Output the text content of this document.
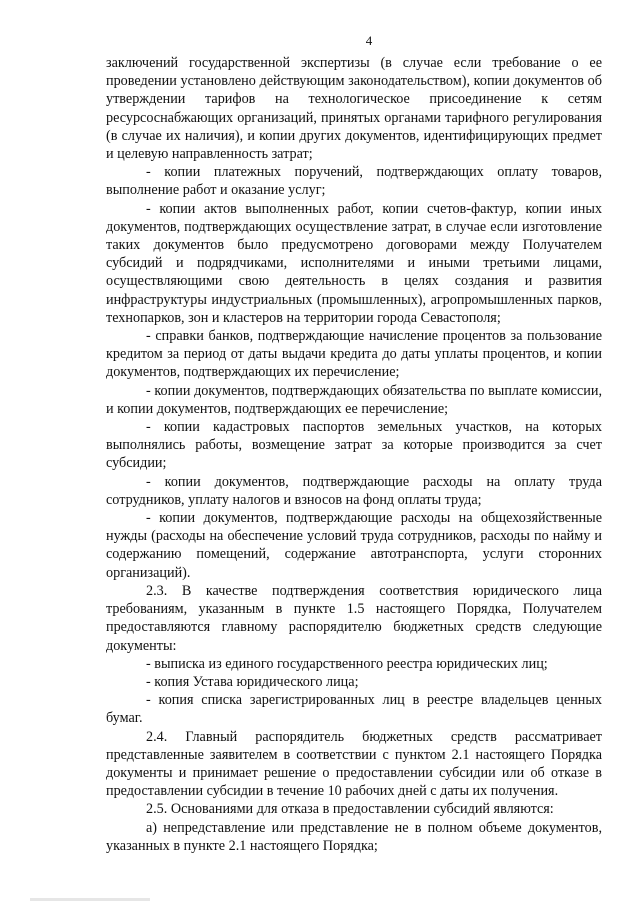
4

заключений государственной экспертизы (в случае если требование о ее проведении установлено действующим законодательством), копии документов об утверждении тарифов на технологическое присоединение к сетям ресурсоснабжающих организаций, принятых органами тарифного регулирования (в случае их наличия), и копии других документов, идентифицирующих предмет и целевую направленность затрат;

- копии платежных поручений, подтверждающих оплату товаров, выполнение работ и оказание услуг;

- копии актов выполненных работ, копии счетов-фактур, копии иных документов, подтверждающих осуществление затрат, в случае если изготовление таких документов было предусмотрено договорами между Получателем субсидий и подрядчиками, исполнителями и иными третьими лицами, осуществляющими свою деятельность в целях создания и развития инфраструктуры индустриальных (промышленных), агропромышленных парков, технопарков, зон и кластеров на территории города Севастополя;

- справки банков, подтверждающие начисление процентов за пользование кредитом за период от даты выдачи кредита до даты уплаты процентов, и копии документов, подтверждающих их перечисление;

- копии документов, подтверждающих обязательства по выплате комиссии, и копии документов, подтверждающих ее перечисление;

- копии кадастровых паспортов земельных участков, на которых выполнялись работы, возмещение затрат за которые производится за счет субсидии;

- копии документов, подтверждающие расходы на оплату труда сотрудников, уплату налогов и взносов на фонд оплаты труда;

- копии документов, подтверждающие расходы на общехозяйственные нужды (расходы на обеспечение условий труда сотрудников, расходы по найму и содержанию помещений, содержание автотранспорта, услуги сторонних организаций).

2.3. В качестве подтверждения соответствия юридического лица требованиям, указанным в пункте 1.5 настоящего Порядка, Получателем предоставляются главному распорядителю бюджетных средств следующие документы:

- выписка из единого государственного реестра юридических лиц;

- копия Устава юридического лица;

- копия списка зарегистрированных лиц в реестре владельцев ценных бумаг.

2.4. Главный распорядитель бюджетных средств рассматривает представленные заявителем в соответствии с пунктом 2.1 настоящего Порядка документы и принимает решение о предоставлении субсидии или об отказе в предоставлении субсидии в течение 10 рабочих дней с даты их получения.

2.5. Основаниями для отказа в предоставлении субсидий являются:

а) непредставление или представление не в полном объеме документов, указанных в пункте 2.1 настоящего Порядка;
